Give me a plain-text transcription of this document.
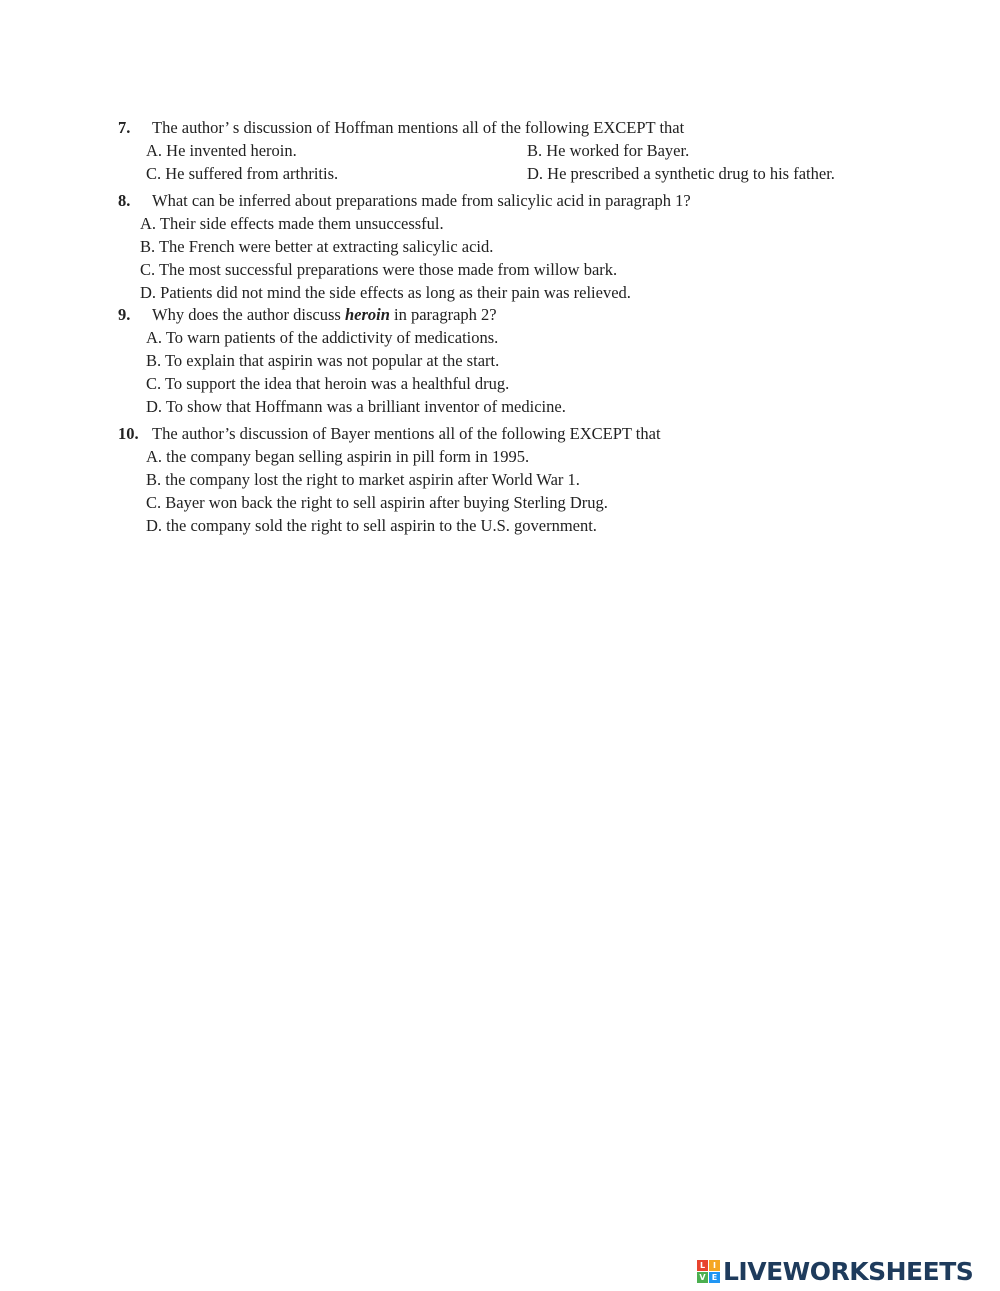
7. The author’ s discussion of Hoffman mentions all of the following EXCEPT that
A. He invented heroin.	B. He worked for Bayer.
C. He suffered from arthritis.	D. He prescribed a synthetic drug to his father.
8. What can be inferred about preparations made from salicylic acid in paragraph 1?
A. Their side effects made them unsuccessful.
B. The French were better at extracting salicylic acid.
C. The most successful preparations were those made from willow bark.
D. Patients did not mind the side effects as long as their pain was relieved.
9. Why does the author discuss heroin in paragraph 2?
A. To warn patients of the addictivity of medications.
B. To explain that aspirin was not popular at the start.
C. To support the idea that heroin was a healthful drug.
D. To show that Hoffmann was a brilliant inventor of medicine.
10. The author’s discussion of Bayer mentions all of the following EXCEPT that
A. the company began selling aspirin in pill form in 1995.
B. the company lost the right to market aspirin after World War 1.
C. Bayer won back the right to sell aspirin after buying Sterling Drug.
D. the company sold the right to sell aspirin to the U.S. government.
L I
V E LIVEWORKSHEETS
